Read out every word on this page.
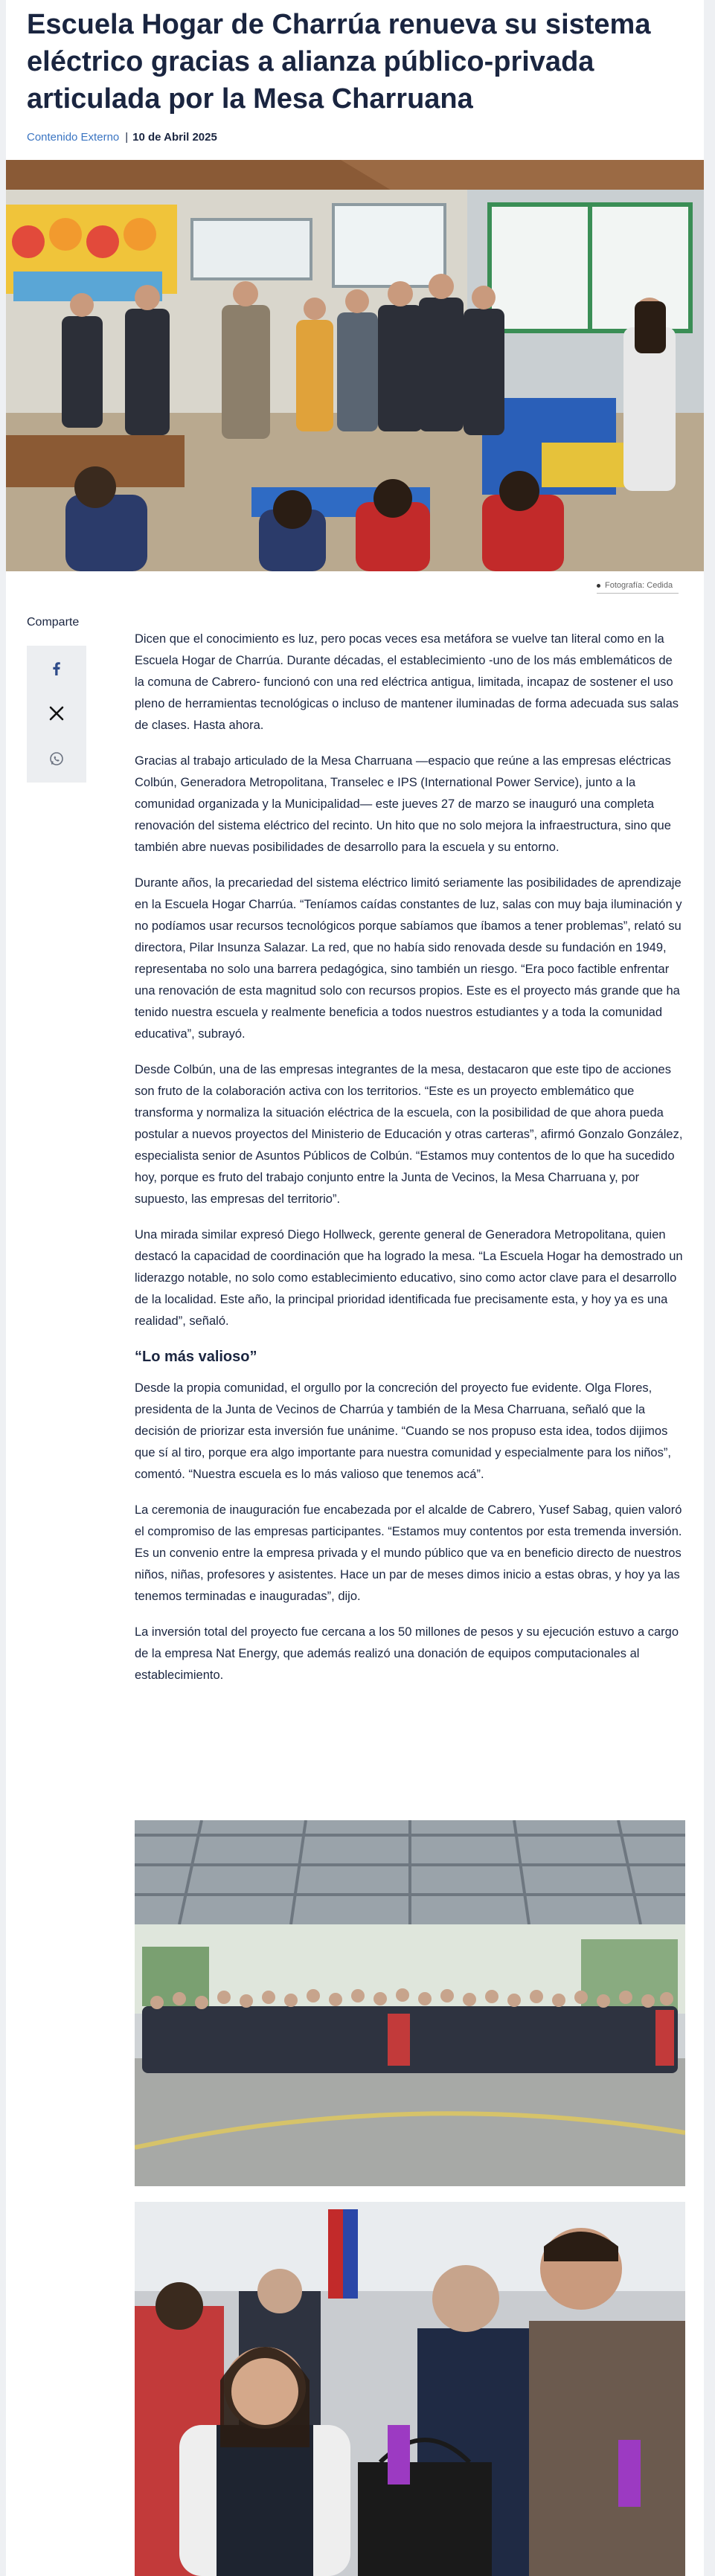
Escuela Hogar de Charrúa renueva su sistema eléctrico gracias a alianza público-privada articulada por la Mesa Charruana
Contenido Externo | 10 de Abril 2025
Fotografía: Cedida
Comparte

Dicen que el conocimiento es luz, pero pocas veces esa metáfora se vuelve tan literal como en la Escuela Hogar de Charrúa. Durante décadas, el establecimiento -uno de los más emblemáticos de la comuna de Cabrero- funcionó con una red eléctrica antigua, limitada, incapaz de sostener el uso pleno de herramientas tecnológicas o incluso de mantener iluminadas de forma adecuada sus salas de clases. Hasta ahora.

Gracias al trabajo articulado de la Mesa Charruana —espacio que reúne a las empresas eléctricas Colbún, Generadora Metropolitana, Transelec e IPS (International Power Service), junto a la comunidad organizada y la Municipalidad— este jueves 27 de marzo se inauguró una completa renovación del sistema eléctrico del recinto. Un hito que no solo mejora la infraestructura, sino que también abre nuevas posibilidades de desarrollo para la escuela y su entorno.

Durante años, la precariedad del sistema eléctrico limitó seriamente las posibilidades de aprendizaje en la Escuela Hogar Charrúa. “Teníamos caídas constantes de luz, salas con muy baja iluminación y no podíamos usar recursos tecnológicos porque sabíamos que íbamos a tener problemas”, relató su directora, Pilar Insunza Salazar. La red, que no había sido renovada desde su fundación en 1949, representaba no solo una barrera pedagógica, sino también un riesgo. “Era poco factible enfrentar una renovación de esta magnitud solo con recursos propios. Este es el proyecto más grande que ha tenido nuestra escuela y realmente beneficia a todos nuestros estudiantes y a toda la comunidad educativa”, subrayó.

Desde Colbún, una de las empresas integrantes de la mesa, destacaron que este tipo de acciones son fruto de la colaboración activa con los territorios. “Este es un proyecto emblemático que transforma y normaliza la situación eléctrica de la escuela, con la posibilidad de que ahora pueda postular a nuevos proyectos del Ministerio de Educación y otras carteras”, afirmó Gonzalo González, especialista senior de Asuntos Públicos de Colbún. “Estamos muy contentos de lo que ha sucedido hoy, porque es fruto del trabajo conjunto entre la Junta de Vecinos, la Mesa Charruana y, por supuesto, las empresas del territorio”.

Una mirada similar expresó Diego Hollweck, gerente general de Generadora Metropolitana, quien destacó la capacidad de coordinación que ha logrado la mesa. “La Escuela Hogar ha demostrado un liderazgo notable, no solo como establecimiento educativo, sino como actor clave para el desarrollo de la localidad. Este año, la principal prioridad identificada fue precisamente esta, y hoy ya es una realidad”, señaló.

“Lo más valioso”

Desde la propia comunidad, el orgullo por la concreción del proyecto fue evidente. Olga Flores, presidenta de la Junta de Vecinos de Charrúa y también de la Mesa Charruana, señaló que la decisión de priorizar esta inversión fue unánime. “Cuando se nos propuso esta idea, todos dijimos que sí al tiro, porque era algo importante para nuestra comunidad y especialmente para los niños”, comentó. “Nuestra escuela es lo más valioso que tenemos acá”.

La ceremonia de inauguración fue encabezada por el alcalde de Cabrero, Yusef Sabag, quien valoró el compromiso de las empresas participantes. “Estamos muy contentos por esta tremenda inversión. Es un convenio entre la empresa privada y el mundo público que va en beneficio directo de nuestros niños, niñas, profesores y asistentes. Hace un par de meses dimos inicio a estas obras, y hoy ya las tenemos terminadas e inauguradas”, dijo.

La inversión total del proyecto fue cercana a los 50 millones de pesos y su ejecución estuvo a cargo de la empresa Nat Energy, que además realizó una donación de equipos computacionales al establecimiento.
